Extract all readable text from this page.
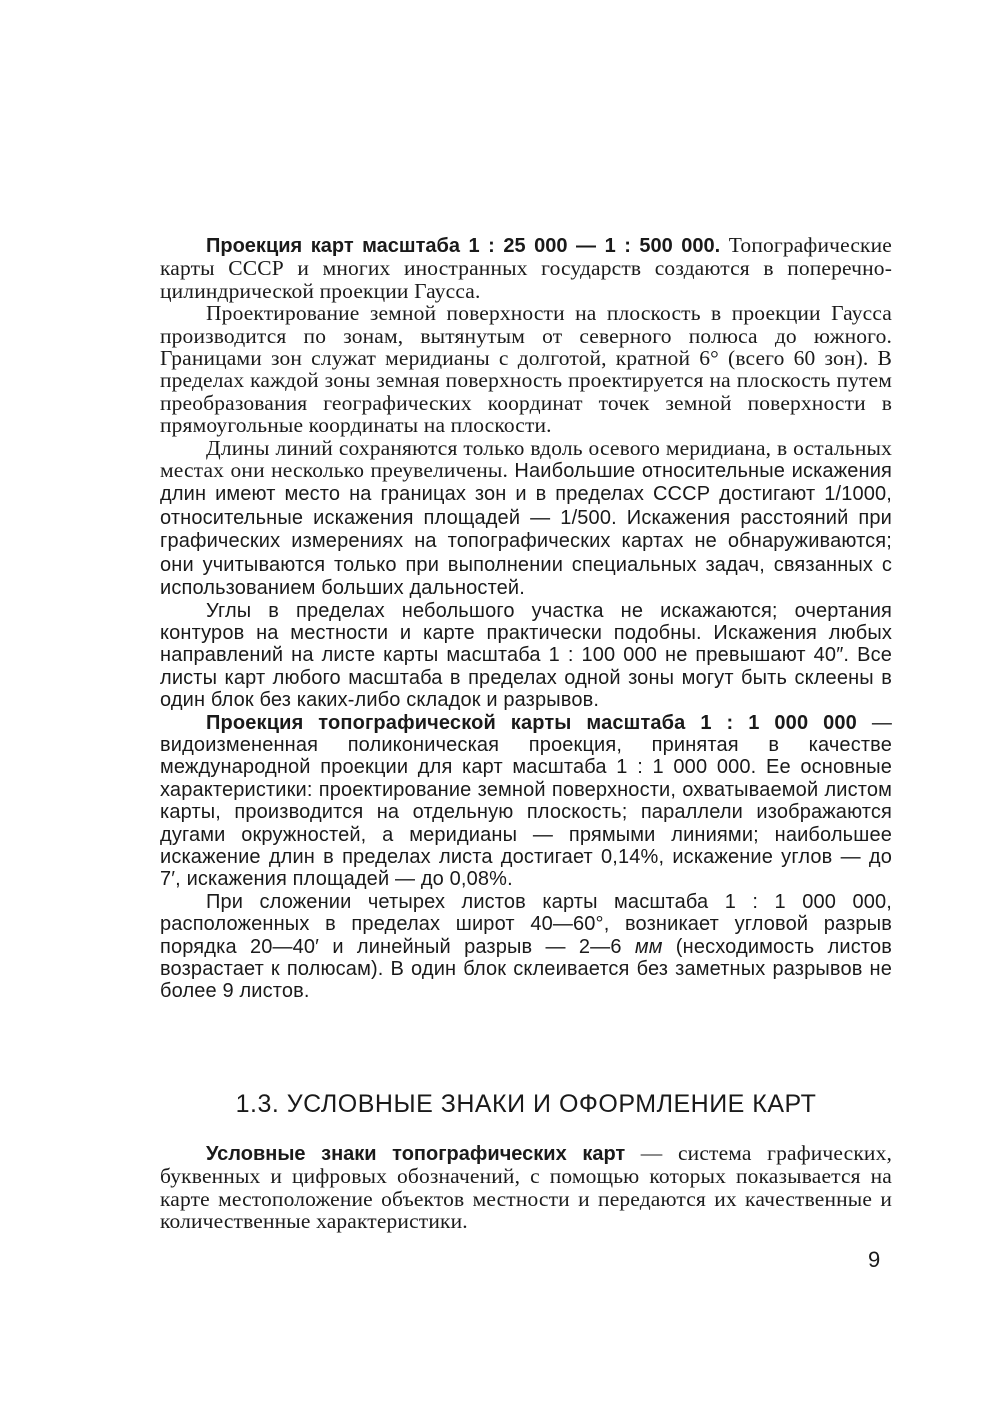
Проекция карт масштаба 1 : 25 000 — 1 : 500 000. Топографические карты СССР и многих иностранных государств создаются в поперечно-цилиндрической проекции Гаусса.

Проектирование земной поверхности на плоскость в проекции Гаусса производится по зонам, вытянутым от северного полюса до южного. Границами зон служат меридианы с долготой, кратной 6° (всего 60 зон). В пределах каждой зоны земная поверхность проектируется на плоскость путем преобразования географических координат точек земной поверхности в прямоугольные координаты на плоскости.

Длины линий сохраняются только вдоль осевого меридиана, в остальных местах они несколько преувеличены. Наибольшие относительные искажения длин имеют место на границах зон и в пределах СССР достигают 1/1000, относительные искажения площадей — 1/500. Искажения расстояний при графических измерениях на топографических картах не обнаруживаются; они учитываются только при выполнении специальных задач, связанных с использованием больших дальностей.

Углы в пределах небольшого участка не искажаются; очертания контуров на местности и карте практически подобны. Искажения любых направлений на листе карты масштаба 1 : 100 000 не превышают 40″. Все листы карт любого масштаба в пределах одной зоны могут быть склеены в один блок без каких-либо складок и разрывов.

Проекция топографической карты масштаба 1 : 1 000 000 — видоизмененная поликоническая проекция, принятая в качестве международной проекции для карт масштаба 1 : 1 000 000. Ее основные характеристики: проектирование земной поверхности, охватываемой листом карты, производится на отдельную плоскость; параллели изображаются дугами окружностей, а меридианы — прямыми линиями; наибольшее искажение длин в пределах листа достигает 0,14%, искажение углов — до 7′, искажения площадей — до 0,08%.

При сложении четырех листов карты масштаба 1 : 1 000 000, расположенных в пределах широт 40—60°, возникает угловой разрыв порядка 20—40′ и линейный разрыв — 2—6 мм (несходимость листов возрастает к полюсам). В один блок склеивается без заметных разрывов не более 9 листов.

1.3. УСЛОВНЫЕ ЗНАКИ И ОФОРМЛЕНИЕ КАРТ

Условные знаки топографических карт — система графических, буквенных и цифровых обозначений, с помощью которых показывается на карте местоположение объектов местности и передаются их качественные и количественные характеристики.

9
